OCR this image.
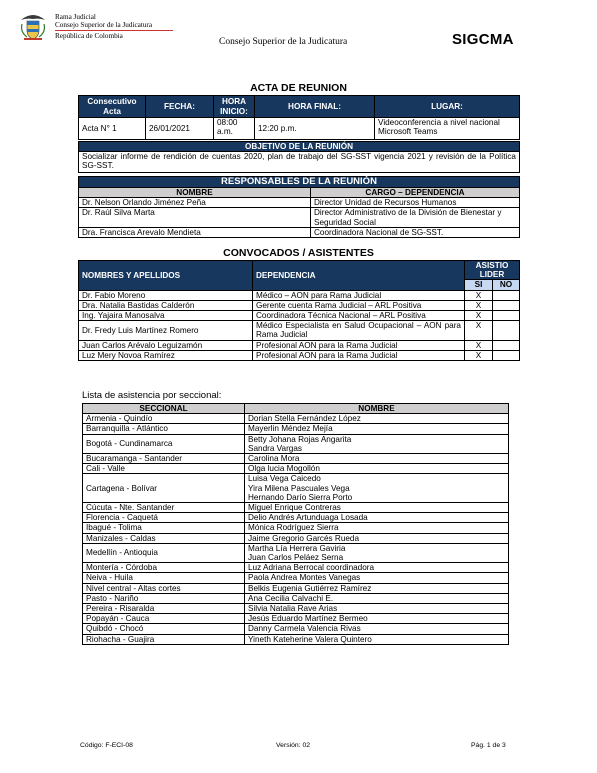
Rama Judicial
Consejo Superior de la Judicatura
República de Colombia
Consejo Superior de la Judicatura	SIGCMA
ACTA DE REUNION
Consecutivo Acta	FECHA:	HORA INICIO:	HORA FINAL:	LUGAR:
Acta N° 1	26/01/2021	08:00 a.m.	12:20 p.m.	Videoconferencia a nivel nacional Microsoft Teams
OBJETIVO DE LA REUNIÓN
Socializar informe de rendición de cuentas 2020, plan de trabajo del SG-SST vigencia 2021 y revisión de la Política SG-SST.
RESPONSABLES DE LA REUNIÓN	
NOMBRE	CARGO – DEPENDENCIA
Dr. Nelson Orlando Jiménez Peña	Director Unidad de Recursos Humanos
Dr. Raúl Silva Marta	Director Administrativo de la División de Bienestar y Seguridad Social
Dra. Francisca Arevalo Mendieta	Coordinadora Nacional de SG-SST.
CONVOCADOS / ASISTENTES
NOMBRES Y APELLIDOS	DEPENDENCIA	ASISTIO LIDER	
		SI	NO
Dr. Fabio Moreno	Médico – AON para Rama Judicial	X	
Dra. Natalia Bastidas Calderón	Gerente cuenta Rama Judicial – ARL Positiva	X	
Ing. Yajaira Manosalva	Coordinadora Técnica Nacional – ARL Positiva	X	
Dr. Fredy Luis Martínez Romero	Médico Especialista en Salud Ocupacional – AON para Rama Judicial	X	
Juan Carlos Arévalo Leguizamón	Profesional AON para la Rama Judicial	X	
Luz Mery Novoa Ramírez	Profesional AON para la Rama Judicial	X	
Lista de asistencia por seccional:
SECCIONAL	NOMBRE
Armenia - Quindío	Dorian Stella Fernández López

Barranquilla - Atlántico	Mayerlin Méndez Mejía

Bogotá - Cundinamarca	Betty Johana Rojas Angarita
Sandra Vargas

Bucaramanga - Santander	Carolina Mora

Cali - Valle	Olga lucia Mogollón

Cartagena - Bolívar	Luisa Vega Caicedo
Yira Milena Pascuales Vega
Hernando Darío Sierra Porto

Cúcuta - Nte. Santander	Miguel Enrique Contreras

Florencia - Caquetá	Delio Andrés Artunduaga Losada

Ibagué - Tolima	Mónica Rodríguez Sierra

Manizales - Caldas	Jaime Gregorio Garcés Rueda

Medellín - Antioquia	Martha Lía Herrera Gaviria
Juan Carlos Peláez Serna

Montería - Córdoba	Luz Adriana Berrocal coordinadora

Neiva - Huila	Paola Andrea Montes Vanegas

Nivel central - Altas cortes	Belkis Eugenia Gutiérrez Ramírez

Pasto - Nariño	Ana Cecilia Calvachi E.

Pereira - Risaralda	Silvia Natalia Rave Arias

Popayán - Cauca	Jesús Eduardo Martínez Bermeo

Quibdó - Chocó	Danny Carmela Valencia Rivas

Riohacha - Guajira	Yineth Kateherine Valera Quintero
Código: F-ECI-08	Versión: 02	Pág. 1 de 3
